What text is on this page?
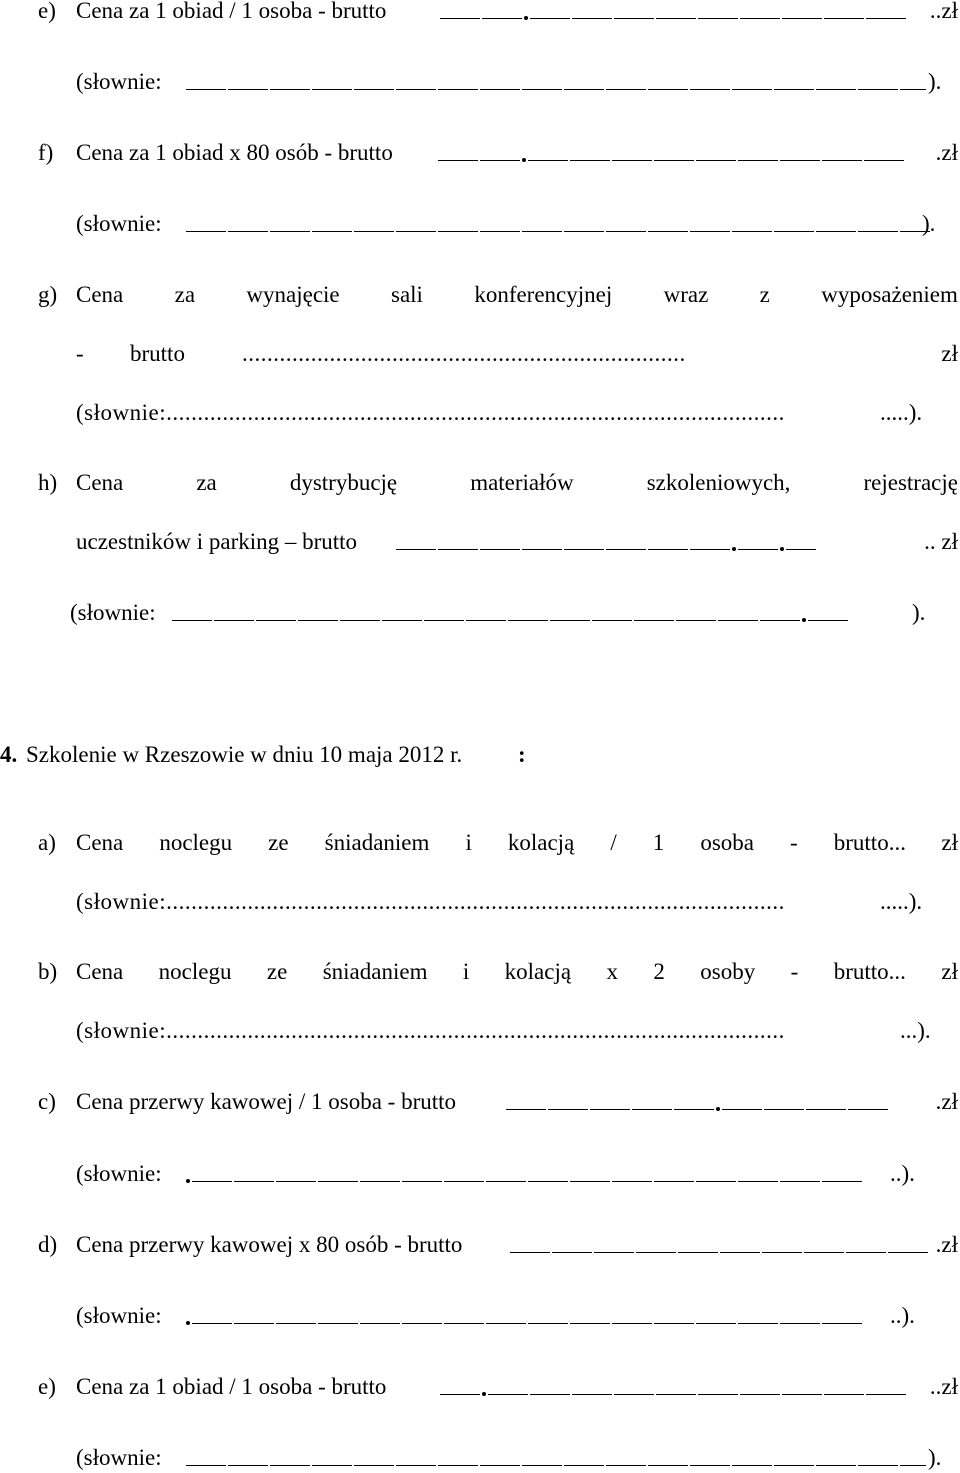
e) Cena za 1 obiad / 1 osoba - brutto	..zł
(słownie:	).
f) Cena za 1 obiad x 80 osób - brutto	.zł
(słownie:	).
g) Cena za wynajęcie sali konferencyjnej wraz z wyposażeniem
- brutto .......................................................................	zł
(słownie:...................................................................................................	.....).
h) Cena	za	dystrybucję	materiałów	szkoleniowych,	rejestrację
uczestników i parking – brutto	.. zł
(słownie:	).
4. Szkolenie w Rzeszowie w dniu 10 maja 2012 r. :
a) Cena noclegu ze śniadaniem i kolacją / 1 osoba - brutto... zł
(słownie:...................................................................................................	.....).
b) Cena noclegu ze śniadaniem i kolacją x 2 osoby - brutto... zł
(słownie:...................................................................................................	...).
c) Cena przerwy kawowej / 1 osoba - brutto	.zł
(słownie:	..).
d) Cena przerwy kawowej x 80 osób - brutto	.zł
(słownie:	..).
e) Cena za 1 obiad / 1 osoba - brutto	..zł
(słownie:	).
